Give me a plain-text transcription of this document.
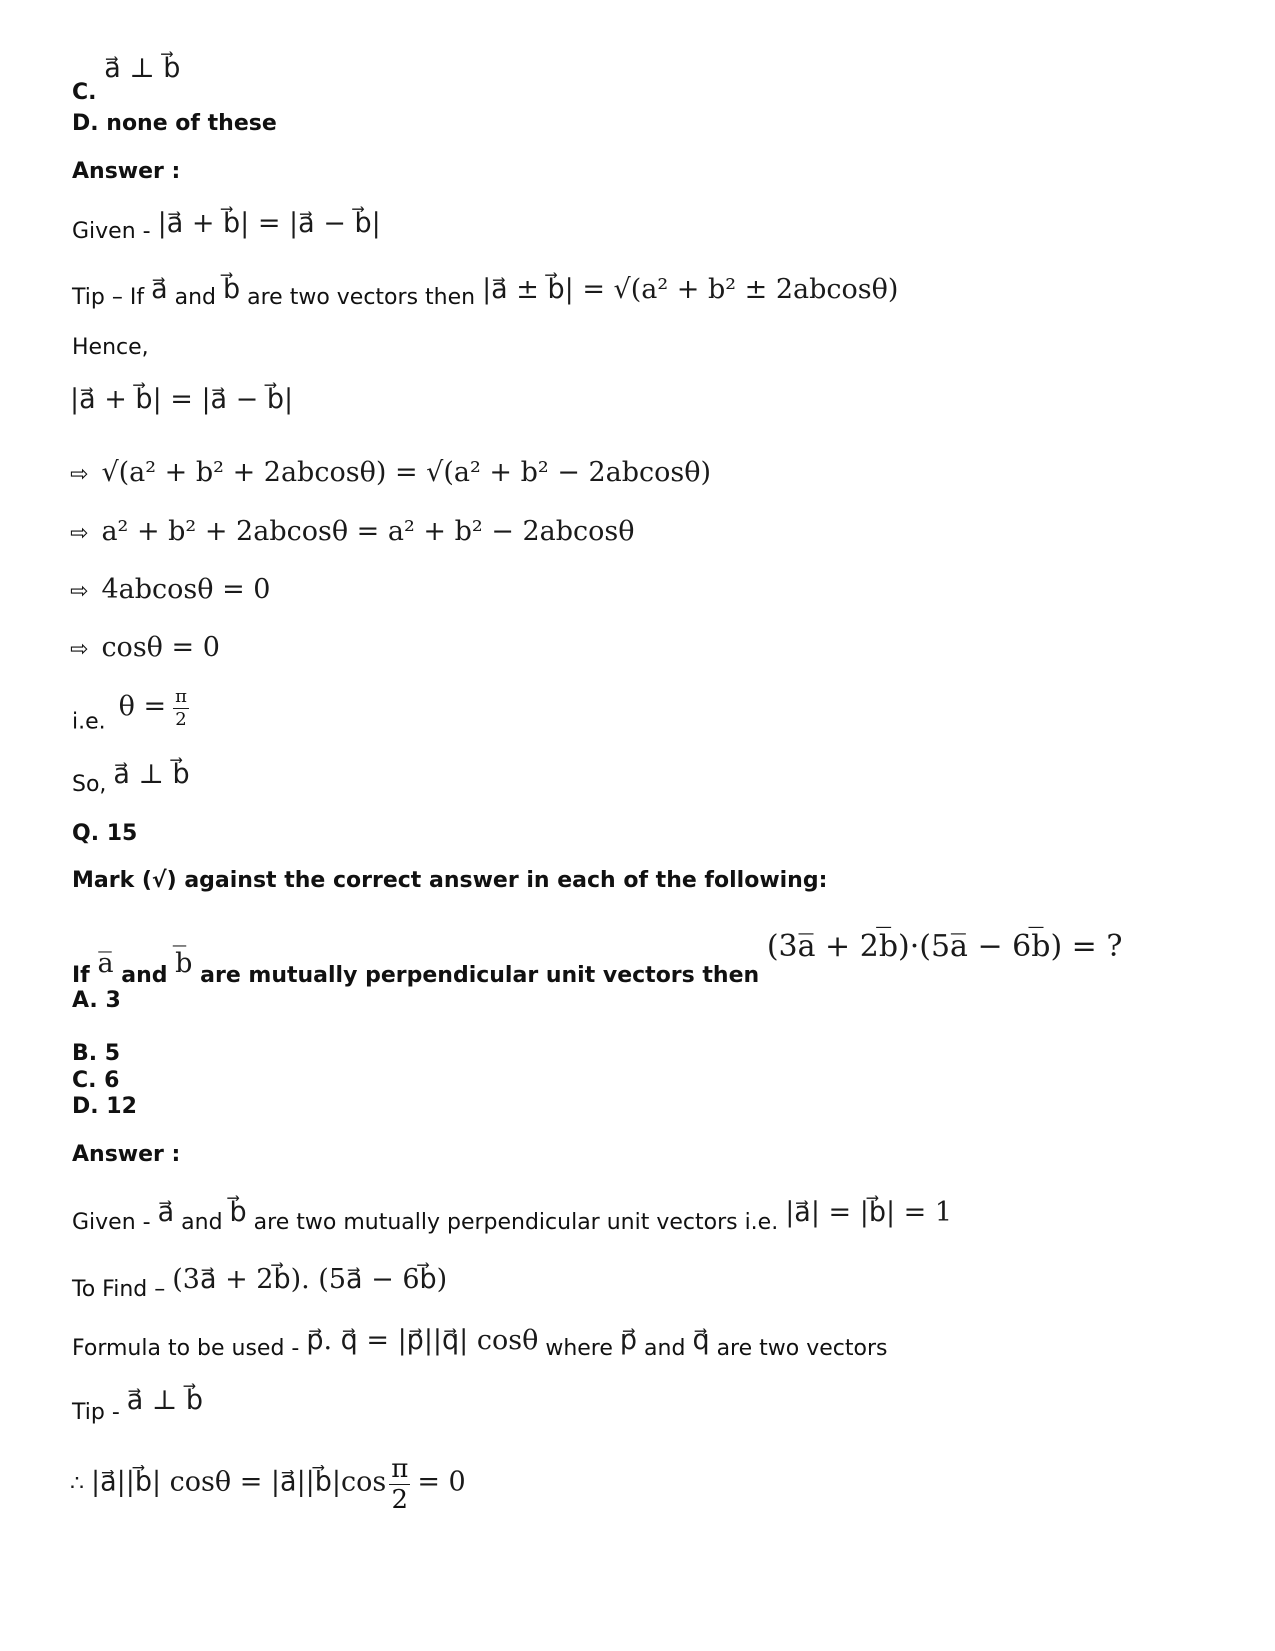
C. a⃗ ⊥ b⃗
D. none of these
Answer :
Given - |a⃗ + b⃗| = |a⃗ − b⃗|
Tip – If a⃗ and b⃗ are two vectors then |a⃗ ± b⃗| = √(a² + b² ± 2abcosθ)
Hence,
|a⃗ + b⃗| = |a⃗ − b⃗|
⇨ √(a² + b² + 2abcosθ) = √(a² + b² − 2abcosθ)
⇨ a² + b² + 2abcosθ = a² + b² − 2abcosθ
⇨ 4abcosθ = 0
⇨ cosθ = 0
i.e. $\theta = \frac{\pi}{2}$
So, a⃗ ⊥ b⃗
Q. 15
Mark (√) against the correct answer in each of the following:
If a̅ and b̅ are mutually perpendicular unit vectors then (3a̅ + 2b̅)·(5a̅ − 6b̅) = ?
A. 3
B. 5
C. 6
D. 12
Answer :
Given - a⃗ and b⃗ are two mutually perpendicular unit vectors i.e. |a⃗| = |b⃗| = 1
To Find – (3a⃗ + 2b⃗). (5a⃗ − 6b⃗)
Formula to be used - p⃗. q⃗ = |p⃗||q⃗| cosθ where p⃗ and q⃗ are two vectors
Tip - a⃗ ⊥ b⃗
∴ |a⃗||b⃗| cosθ = |a⃗||b⃗|cos $\frac{\pi}{2} = 0$
